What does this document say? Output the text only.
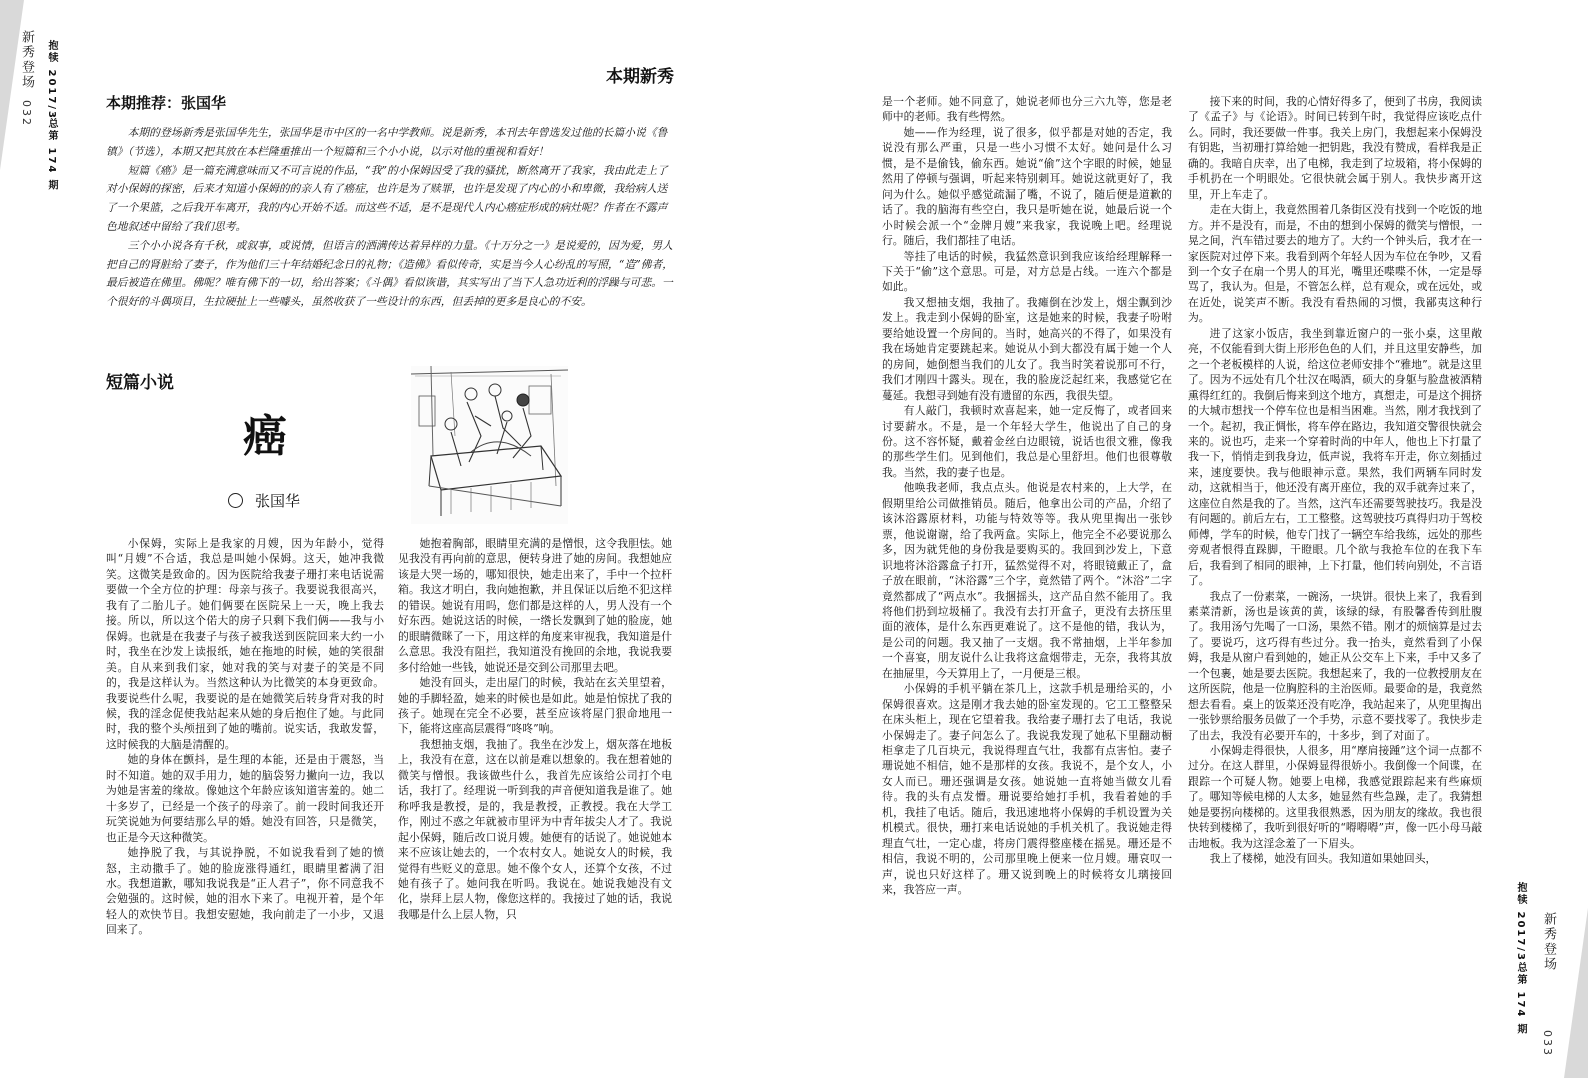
新秀登场
032 抱犊 2017/3
总第 174 期
本期新秀
本期推荐：张国华

本期的登场新秀是张国华先生，张国华是市中区的一名中学教师。说是新秀，本刊去年曾选发过他的长篇小说《鲁镇》（节选），本期又把其放在本栏隆重推出一个短篇和三个小小说，以示对他的重视和看好！

短篇《癌》是一篇充满意味而又不可言说的作品，“我”的小保姆因受了我的骚扰，断然离开了我家，我由此走上了对小保姆的探密，后来才知道小保姆的的亲人有了癌症，也许是为了赎罪，也许是发现了内心的小和卑微，我给病人送了一个果篮，之后我开车离开，我的内心开始不适。而这些不适，是不是现代人内心癌症形成的病灶呢？作者在不露声色地叙述中留给了我们思考。

三个小小说各有千秋，或叙事，或说情，但语言的洒满传达着异样的力量。《十万分之一》是说爱的，因为爱，男人把自己的肾脏给了妻子，作为他们三十年结婚纪念日的礼物；《造佛》看似传奇，实是当今人心纷乱的写照，“造”佛者，最后被造在佛里。佛呢？唯有佛下的一切，给出答案；《斗偶》看似诙谐，其实写出了当下人急功近利的浮躁与可悲。一个很好的斗偶项目，生拉硬扯上一些噱头，虽然收获了一些设计的东西，但丢掉的更多是良心的不安。

短篇小说
癌
张国华

小保姆，实际上是我家的月嫂，因为年龄小，觉得叫“月嫂”不合适，我总是叫她小保姆。这天，她冲我微笑。这微笑是致命的。因为医院给我妻子珊打来电话说需要做一个全方位的护理：母亲与孩子。我要说我很高兴，我有了二胎儿子。她们俩要在医院呆上一天，晚上我去接。所以，所以这个偌大的房子只剩下我们俩——我与小保姆。也就是在我妻子与孩子被我送到医院回来大约一小时，我坐在沙发上读报纸，她在拖地的时候，她的笑很甜美。自从来到我们家，她对我的笑与对妻子的笑是不同的，我是这样认为。当然这种认为比微笑的本身更致命。我要说些什么呢，我要说的是在她微笑后转身背对我的时候，我的淫念促使我站起来从她的身后抱住了她。与此同时，我的整个头颅扭到了她的嘴前。说实话，我敢发誓，这时候我的大脑是清醒的。

她的身体在颤抖，是生理的本能，还是由于震怒，当时不知道。她的双手用力，她的脑袋努力撇向一边，我以为她是害羞的缘故。像她这个年龄应该知道害羞的。她二十多岁了，已经是一个孩子的母亲了。前一段时间我还开玩笑说她为何要结那么早的婚。她没有回答，只是微笑，也正是今天这种微笑。

她挣脱了我，与其说挣脱，不如说我看到了她的愤怒，主动撒手了。她的脸庞涨得通红，眼睛里蓄满了泪水。我想道歉，哪知我说我是“正人君子”，你不同意我不会勉强的。这时候，她的泪水下来了。电视开着，是个年轻人的欢快节目。我想安慰她，我向前走了一小步，又退回来了。

她抱着胸部，眼睛里充满的是憎恨，这令我胆怯。她见我没有再向前的意思，便转身进了她的房间。我想她应该是大哭一场的，哪知很快，她走出来了，手中一个拉杆箱。我这才明白，我向她抱歉，并且保证以后绝不犯这样的错误。她说有用吗，您们都是这样的人，男人没有一个好东西。她说这话的时候，一绺长发飘到了她的脸庞，她的眼睛微眯了一下，用这样的角度来审视我，我知道是什么意思。我没有阻拦，我知道没有挽回的余地，我说我要多付给她一些钱，她说还是交到公司那里去吧。

她没有回头，走出屋门的时候，我站在玄关里望着，她的手脚轻盈，她来的时候也是如此。她是怕惊扰了我的孩子。她现在完全不必要，甚至应该将屋门狠命地甩一下，能将这座高层震得“咚咚”响。

我想抽支烟，我抽了。我坐在沙发上，烟灰落在地板上，我没有在意，这在以前是难以想象的。我在想着她的微笑与憎恨。我该做些什么，我首先应该给公司打个电话，我打了。经理说一听到我的声音便知道我是谁了。她称呼我是教授，是的，我是教授，正教授。我在大学工作，刚过不惑之年就被市里评为中青年拔尖人才了。我说起小保姆，随后改口说月嫂。她便有的话说了。她说她本来不应该让她去的，一个农村女人。她说女人的时候，我觉得有些贬义的意思。她不像个女人，还算个女孩，不过她有孩子了。她问我在听吗。我说在。她说我她没有文化，崇拜上层人物，像您这样的。我接过了她的话，我说我哪是什么上层人物，只	抱犊 2017/3
总第 174 期
新秀登场
033

是一个老师。她不同意了，她说老师也分三六九等，您是老师中的老师。我有些愕然。

她——作为经理，说了很多，似乎都是对她的否定，我说没有那么严重，只是一些小习惯不太好。她问是什么习惯，是不是偷钱，偷东西。她说“偷”这个字眼的时候，她显然用了停顿与强调，听起来特别刺耳。她说这就更好了，我问为什么。她似乎感觉疏漏了嘴，不说了，随后便是道歉的话了。我的脑海有些空白，我只是听她在说，她最后说一个小时候会派一个“金牌月嫂”来我家，我说晚上吧。经理说行。随后，我们都挂了电话。

等挂了电话的时候，我猛然意识到我应该给经理解释一下关于“偷”这个意思。可是，对方总是占线。一连六个都是如此。

我又想抽支烟，我抽了。我瘫倒在沙发上，烟尘飘到沙发上。我走到小保姆的卧室，这是她来的时候，我妻子吩咐要给她设置一个房间的。当时，她高兴的不得了，如果没有我在场她肯定要跳起来。她说从小到大都没有属于她一个人的房间，她倒想当我们的儿女了。我当时笑着说那可不行，我们才刚四十露头。现在，我的脸庞泛起红来，我感觉它在蔓延。我想寻到她有没有遗留的东西，我很失望。

有人敲门，我顿时欢喜起来，她一定反悔了，或者回来讨要薪水。不是，是一个年轻大学生，他说出了自己的身份。这不容怀疑，戴着金丝白边眼镜，说话也很文雅，像我的那些学生们。见到他们，我总是心里舒坦。他们也很尊敬我。当然，我的妻子也是。

他唤我老师，我点点头。他说是农村来的，上大学，在假期里给公司做推销员。随后，他拿出公司的产品，介绍了该沐浴露原材料，功能与特效等等。我从兜里掏出一张钞票，他说谢谢，给了我两盒。实际上，他完全不必要说那么多，因为就凭他的身份我是要购买的。我回到沙发上，下意识地将沐浴露盒子打开，猛然觉得不对，将眼镜戴正了，盒子放在眼前，“沐浴露”三个字，竟然错了两个。“沐浴”二字竟然都成了“两点水”。我捆摇头，这产品自然不能用了。我将他们扔到垃圾桶了。我没有去打开盒子，更没有去挤压里面的液体，是什么东西更难说了。这不是他的错，我认为，是公司的问题。我又抽了一支烟。我不常抽烟，上半年参加一个喜宴，朋友说什么让我将这盒烟带走，无奈，我将其放在抽屉里，今天算用上了，一月便是三根。

小保姆的手机平躺在茶几上，这款手机是珊给买的，小保姆很喜欢。这是刚才我去她的卧室发现的。它工工整整呆在床头柜上，现在它望着我。我给妻子珊打去了电话，我说小保姆走了。妻子问怎么了。我说我发现了她私下里翻动橱柜拿走了几百块元，我说得理直气壮，我都有点害怕。妻子珊说她不相信，她不是那样的女孩。我说不，是个女人，小女人而已。珊还强调是女孩。她说她一直将她当做女儿看待。我的头有点发懵。珊说要给她打手机，我看着她的手机，我挂了电话。随后，我迅速地将小保姆的手机设置为关机模式。很快，珊打来电话说她的手机关机了。我说她走得理直气壮，一定心虚，将房门震得整座楼在摇晃。珊还是不相信，我说不明的，公司那里晚上便来一位月嫂。珊哀叹一声，说也只好这样了。珊又说到晚上的时候将女儿璃接回来，我答应一声。

接下来的时间，我的心情好得多了，便到了书房，我阅读了《孟子》与《论语》。时间已转到午时，我觉得应该吃点什么。同时，我还要做一件事。我关上房门，我想起来小保姆没有钥匙，当初珊打算给她一把钥匙，我没有赞成，看样我是正确的。我暗自庆幸，出了电梯，我走到了垃圾箱，将小保姆的手机扔在一个明眼处。它很快就会属于别人。我快步离开这里，开上车走了。

走在大街上，我竟然围着几条街区没有找到一个吃饭的地方。并不是没有，而是，不由的想到小保姆的微笑与憎恨，一晃之间，汽车错过要去的地方了。大约一个钟头后，我才在一家医院对过停下来。我看到两个年轻人因为车位在争吵，又看到一个女子在扇一个男人的耳光，嘴里还喋喋不休，一定是辱骂了，我认为。但是，不管怎么样，总有观众，或在远处，或在近处，说笑声不断。我没有看热闹的习惯，我鄙夷这种行为。

进了这家小饭店，我坐到靠近窗户的一张小桌，这里敞亮，不仅能看到大街上形形色色的人们，并且这里安静些，加之一个老板模样的人说，给这位老师安排个“雅地”。就是这里了。因为不远处有几个壮汉在喝酒，硕大的身躯与脸盘被酒精熏得红红的。我倒后悔来到这个地方，真想走，可是这个拥挤的大城市想找一个停车位也是相当困难。当然，刚才我找到了一个。起初，我正惆怅，将车停在路边，我知道交警很快就会来的。说也巧，走来一个穿着时尚的中年人，他也上下打量了我一下，悄悄走到我身边，低声说，我将车开走，你立刻插过来，速度要快。我与他眼神示意。果然，我们两辆车同时发动，这就相当于，他还没有离开座位，我的双手就奔过来了，这座位自然是我的了。当然，这汽车还需要驾驶技巧。我是没有问题的。前后左右，工工整整。这驾驶技巧真得归功于驾校师傅，学车的时候，他专门找了一辆空车给我练，远处的那些旁观者恨得直跺脚，干瞪眼。几个欲与我抢车位的在我下车后，我看到了相同的眼神，上下打量，他们转向别处，不言语了。

我点了一份素菜，一碗汤，一块饼。很快上来了，我看到素菜清新，汤也是该黄的黄，该绿的绿，有股馨香传到肚腹了。我用汤勺先喝了一口汤，果然不错。刚才的烦恼算是过去了。要说巧，这巧得有些过分。我一抬头，竟然看到了小保姆，我是从窗户看到她的，她正从公交车上下来，手中又多了一个包裹，她是要去医院。我想起来了，我的一位教授朋友在这所医院，他是一位胸腔科的主治医师。最要命的是，我竟然想去看看。桌上的饭菜还没有吃净，我站起来了，从兜里掏出一张钞票给服务员做了一个手势，示意不要找零了。我快步走了出去，我没有必要开车的，十多步，到了对面了。

小保姆走得很快，人很多，用“摩肩接踵”这个词一点都不过分。在这人群里，小保姆显得很娇小。我倒像一个间谍，在跟踪一个可疑人物。她要上电梯，我感觉跟踪起来有些麻烦了。哪知等候电梯的人太多，她显然有些急躁，走了。我猜想她是要拐向楼梯的。这里我很熟悉，因为朋友的缘故。我也很快转到楼梯了，我听到很好听的“嘚嘚嘚”声，像一匹小母马敲击地板。我为这淫念羞了一下眉头。

我上了楼梯，她没有回头。我知道如果她回头，
